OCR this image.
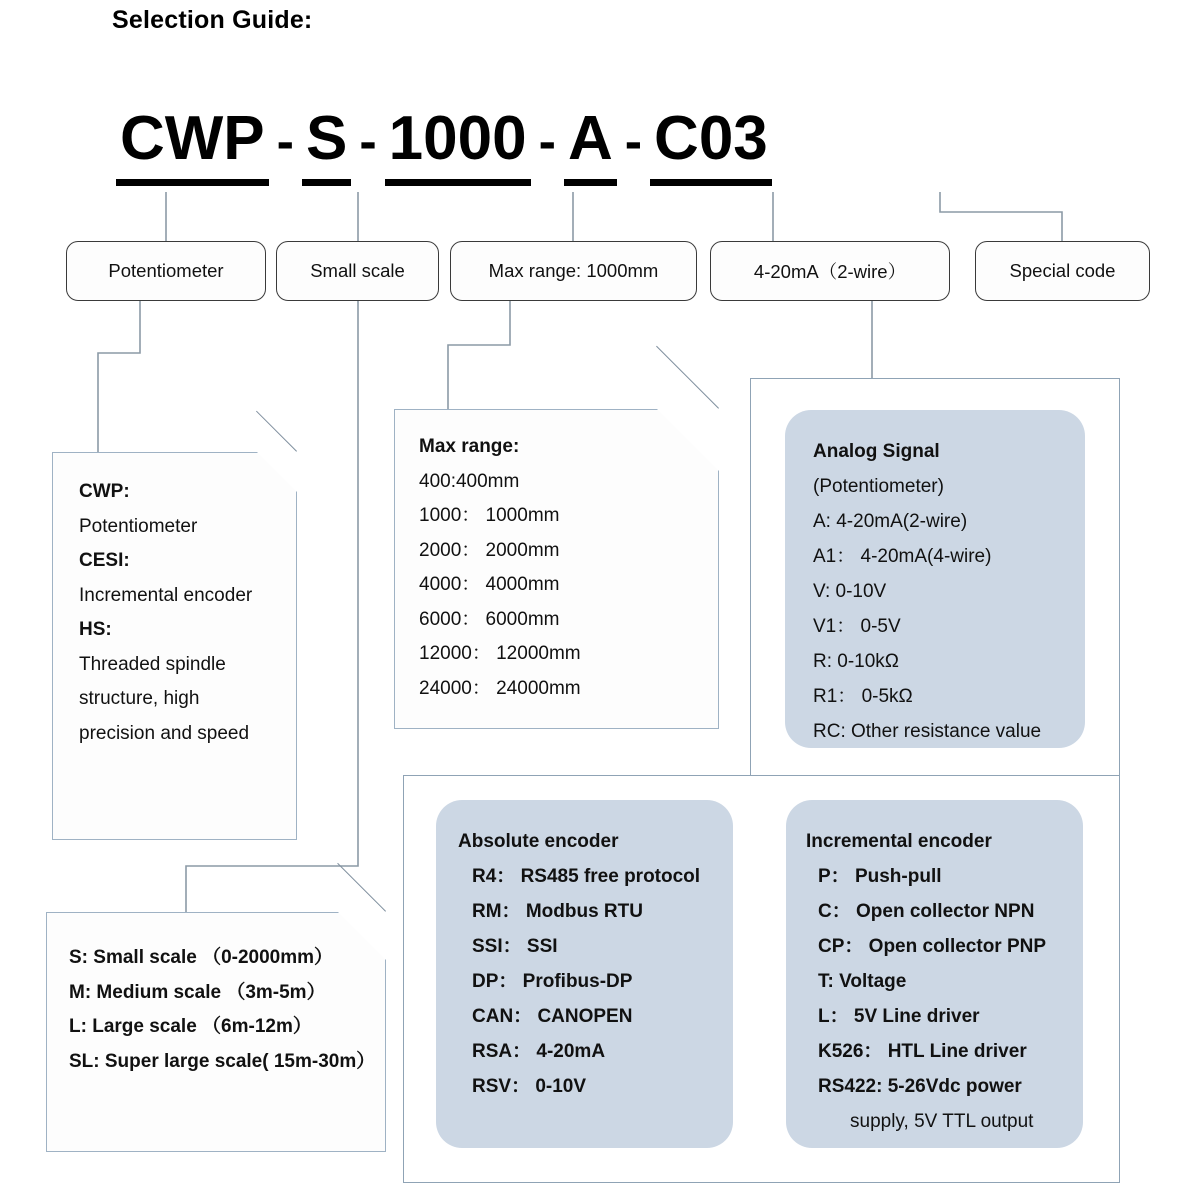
Selection Guide:
CWP - S - 1000 - A - C03
Potentiometer	Small scale	Max range: 1000mm	4-20mA（2-wire）	Special code
CWP:
Potentiometer
CESI:
Incremental encoder
HS:
Threaded spindle
structure, high
precision and speed
S: Small scale （0-2000mm）
M: Medium scale （3m-5m）
L: Large scale （6m-12m）
SL: Super large scale( 15m-30m）
Max range:
400:400mm
1000： 1000mm
2000： 2000mm
4000： 4000mm
6000： 6000mm
12000： 12000mm
24000： 24000mm
Analog Signal
(Potentiometer)
A: 4-20mA(2-wire)
A1： 4-20mA(4-wire)
V: 0-10V
V1： 0-5V
R: 0-10kΩ
R1： 0-5kΩ
RC: Other resistance value
Absolute encoder
R4： RS485 free protocol
RM： Modbus RTU
SSI： SSI
DP： Profibus-DP
CAN： CANOPEN
RSA： 4-20mA
RSV： 0-10V
Incremental encoder
P： Push-pull
C： Open collector NPN
CP： Open collector PNP
T: Voltage
L： 5V Line driver
K526： HTL Line driver
RS422: 5-26Vdc power
supply, 5V TTL output
